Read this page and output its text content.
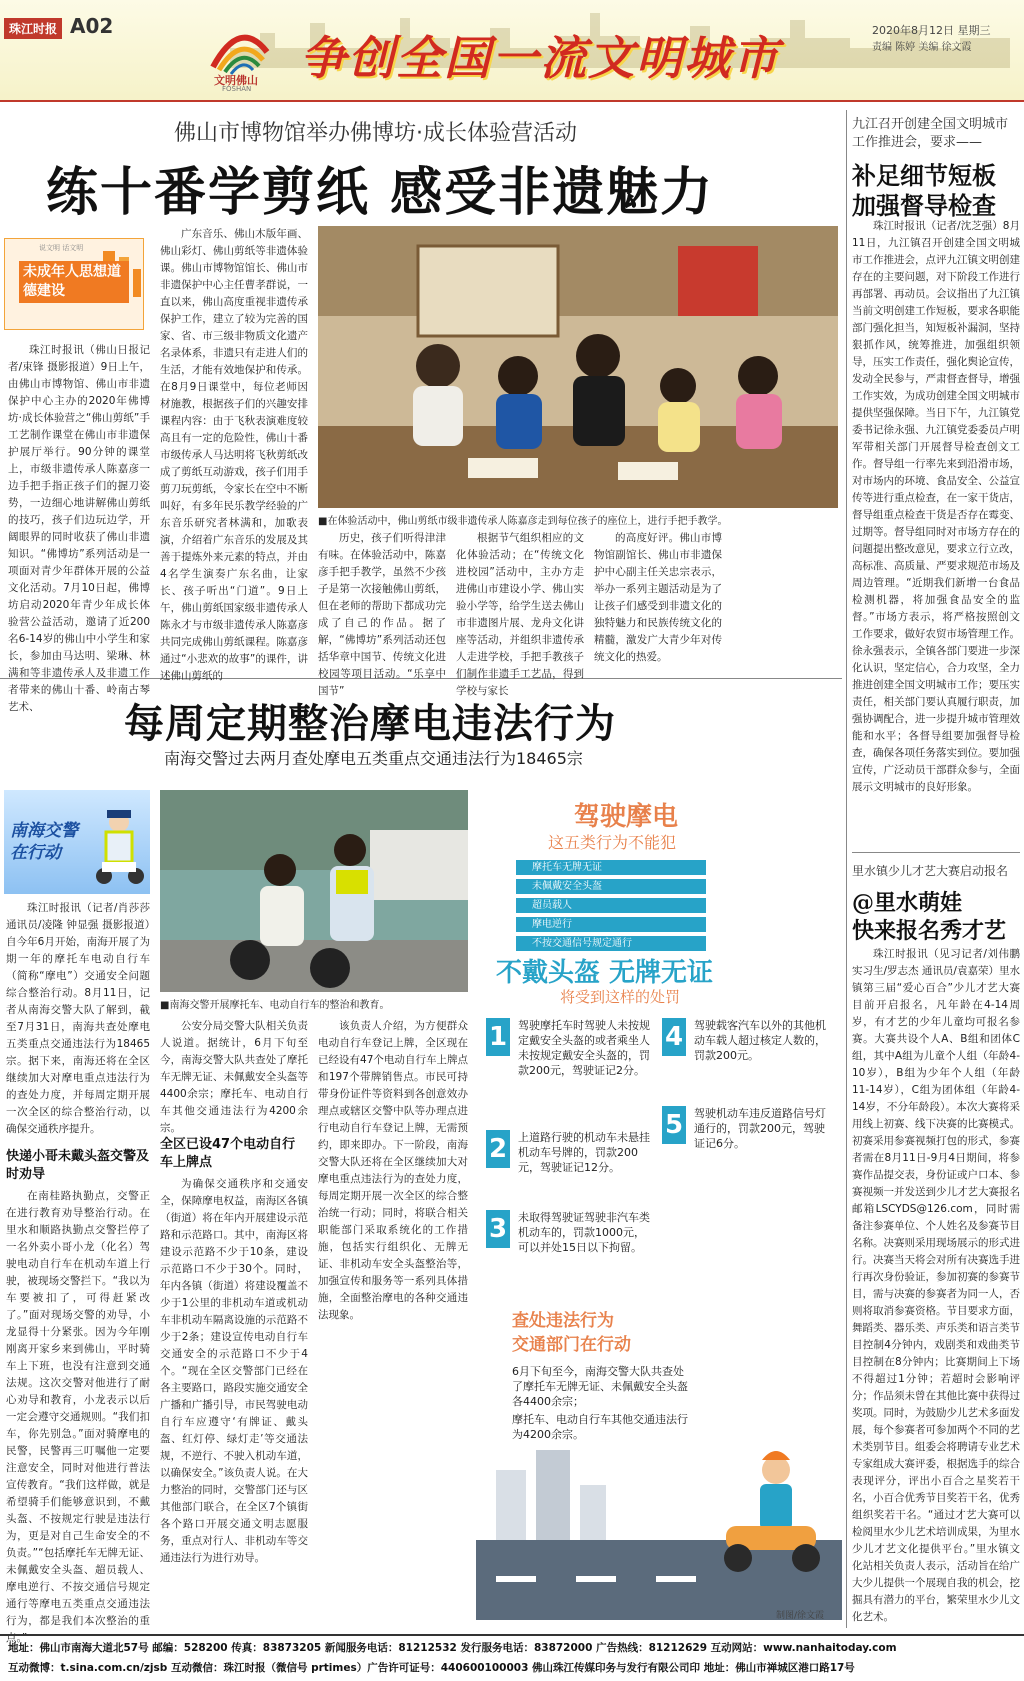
珠江时报 A02
文明佛山
FOSHAN
争创全国一流文明城市
2020年8月12日 星期三
责编 陈婷 美编 徐文霞
佛山市博物馆举办佛博坊·成长体验营活动
练十番学剪纸 感受非遗魅力
说文明 话文明
未成年人思想道德建设

珠江时报讯（佛山日报记者/束锋 摄影报道）9日上午，由佛山市博物馆、佛山市非遗保护中心主办的2020年佛博坊·成长体验营之“佛山剪纸”手工艺制作课堂在佛山市非遗保护展厅举行。90分钟的课堂上，市级非遗传承人陈嘉彦一边手把手指正孩子们的握刀姿势，一边细心地讲解佛山剪纸的技巧，孩子们边玩边学，开阔眼界的同时收获了佛山非遗知识。“佛博坊”系列活动是一项面对青少年群体开展的公益文化活动。7月10日起，佛博坊启动2020年青少年成长体验营公益活动，邀请了近200名6-14岁的佛山中小学生和家长，参加由马达明、梁琳、林满和等非遗传承人及非遗工作者带来的佛山十番、岭南古琴艺术、

广东音乐、佛山木版年画、佛山彩灯、佛山剪纸等非遗体验课。佛山市博物馆馆长、佛山市非遗保护中心主任曹孝群说，一直以来，佛山高度重视非遗传承保护工作，建立了较为完善的国家、省、市三级非物质文化遗产名录体系，非遗只有走进人们的生活，才能有效地保护和传承。在8月9日课堂中，每位老师因材施教，根据孩子们的兴趣安排课程内容：由于飞秋表演难度较高且有一定的危险性，佛山十番市级传承人马达明将飞秋剪纸改成了剪纸互动游戏，孩子们用手剪刀玩剪纸，令家长在空中不断叫好，有多年民乐教学经验的广东音乐研究者林满和，加歌表演，介绍着广东音乐的发展及其善于提炼外来元素的特点，并由4名学生演奏广东名曲，让家长、孩子听出“门道”。9日上午，佛山剪纸国家级非遗传承人陈永才与市级非遗传承人陈嘉彦共同完成佛山剪纸课程。陈嘉彦通过“小悲欢的故事”的课件，讲述佛山剪纸的

■在体验活动中，佛山剪纸市级非遗传承人陈嘉彦走到每位孩子的座位上，进行手把手教学。

历史，孩子们听得津津有味。在体验活动中，陈嘉彦手把手教学，虽然不少孩子是第一次接触佛山剪纸，但在老师的帮助下都成功完成了自己的作品。据了解，“佛博坊”系列活动还包括华章中国节、传统文化进校园等项目活动。“乐享中国节”

根据节气组织相应的文化体验活动；在“传统文化进校园”活动中，主办方走进佛山市建设小学、佛山实验小学等，给学生送去佛山市非遗图片展、龙舟文化讲座等活动，并组织非遗传承人走进学校，手把手教孩子们制作非遗手工艺品，得到学校与家长

的高度好评。佛山市博物馆副馆长、佛山市非遗保护中心副主任关忠宗表示，举办一系列主题活动是为了让孩子们感受到非遗文化的独特魅力和民族传统文化的精髓，激发广大青少年对传统文化的热爱。

九江召开创建全国文明城市工作推进会，要求——
补足细节短板
加强督导检查

珠江时报讯（记者/沈芝强）8月11日，九江镇召开创建全国文明城市工作推进会，点评九江镇文明创建存在的主要问题，对下阶段工作进行再部署、再动员。会议指出了九江镇当前文明创建工作短板，要求各职能部门强化担当，知短板补漏洞，坚持狠抓作风，统筹推进，加强组织领导，压实工作责任，强化舆论宣传，发动全民参与，严肃督查督导，增强工作实效，为成功创建全国文明城市提供坚强保障。当日下午，九江镇党委书记徐永强、九江镇党委委员卢明军带相关部门开展督导检查创文工作。督导组一行率先来到沿滑市场，对市场内的环境、食品安全、公益宣传等进行重点检查，在一家干货店，督导组重点检查干货是否存在霉变、过期等。督导组同时对市场方存在的问题提出整改意见，要求立行立改，高标准、高质量、严要求规范市场及周边管理。“近期我们新增一台食品检测机器，将加强食品安全的监督。”市场方表示，将严格按照创文工作要求，做好农贸市场管理工作。徐永强表示，全镇各部门要进一步深化认识，坚定信心，合力攻坚，全力推进创建全国文明城市工作；要压实责任，相关部门要认真履行职责，加强协调配合，进一步提升城市管理效能和水平；各督导组要加强督导检查，确保各项任务落实到位。要加强宣传，广泛动员干部群众参与，全面展示文明城市的良好形象。

每周定期整治摩电违法行为
南海交警过去两月查处摩电五类重点交通违法行为18465宗
南海交警在行动
■南海交警开展摩托车、电动自行车的整治和教育。

珠江时报讯（记者/肖莎莎 通讯员/凌隆 钟显强 摄影报道）自今年6月开始，南海开展了为期一年的摩托车电动自行车（简称“摩电”）交通安全问题综合整治行动。8月11日，记者从南海交警大队了解到，截至7月31日，南海共查处摩电五类重点交通违法行为18465宗。据下来，南海还将在全区继续加大对摩电重点违法行为的查处力度，并每周定期开展一次全区的综合整治行动，以确保交通秩序提升。

快递小哥未戴头盔交警及时劝导

在南桂路执勤点，交警正在进行教育劝导整治行动。在里水和顺路执勤点交警拦停了一名外卖小哥小龙（化名）驾驶电动自行车在机动车道上行驶，被现场交警拦下。“我以为车要被扣了，可得赶紧改了。”面对现场交警的劝导，小龙显得十分紧张。因为今年刚刚离开家乡来到佛山，平时骑车上下班，也没有注意到交通法规。这次交警对他进行了耐心劝导和教育，小龙表示以后一定会遵守交通规则。“我们扣车，你先别急。”面对骑摩电的民警，民警再三叮嘱他一定要注意安全，同时对他进行普法宣传教育。“我们这样做，就是希望骑手们能够意识到，不戴头盔、不按规定行驶是违法行为，更是对自己生命安全的不负责。”“包括摩托车无牌无证、未佩戴安全头盔、超员载人、摩电逆行、不按交通信号规定通行等摩电五类重点交通违法行为，都是我们本次整治的重点。”

公安分局交警大队相关负责人说道。据统计，6月下旬至今，南海交警大队共查处了摩托车无牌无证、未佩戴安全头盔等4400余宗；摩托车、电动自行车其他交通违法行为4200余宗。

全区已设47个电动自行车上牌点

为确保交通秩序和交通安全，保障摩电权益，南海区各镇（街道）将在年内开展建设示范路和示范路口。其中，南海区将建设示范路不少于10条，建设示范路口不少于30个。同时，年内各镇（街道）将建设覆盖不少于1公里的非机动车道或机动车非机动车隔离设施的示范路不少于2条；建设宣传电动自行车交通安全的示范路口不少于4个。“现在全区交警部门已经在各主要路口，路段实施交通安全广播和广播引导，市民驾驶电动自行车应遵守‘有牌证、戴头盔、红灯停、绿灯走’等交通法规，不逆行、不驶入机动车道，以确保安全。”该负责人说。在大力整治的同时，交警部门还与区其他部门联合，在全区7个镇街各个路口开展交通文明志愿服务，重点对行人、非机动车等交通违法行为进行劝导。

该负责人介绍，为方便群众电动自行车登记上牌，全区现在已经设有47个电动自行车上牌点和197个带牌销售点。市民可持带身份证件等资料到各创意效办理点或辖区交警中队等办理点进行电动自行车登记上牌，无需预约，即来即办。下一阶段，南海交警大队还将在全区继续加大对摩电重点违法行为的查处力度，每周定期开展一次全区的综合整治统一行动；同时，将联合相关职能部门采取系统化的工作措施，包括实行组织化、无牌无证、非机动车安全头盔整治等，加强宣传和服务等一系列具体措施，全面整治摩电的各种交通违法现象。

驾驶摩电
这五类行为不能犯
摩托车无牌无证
未佩戴安全头盔
超员载人
摩电逆行
不按交通信号规定通行
不戴头盔 无牌无证
将受到这样的处罚
1 驾驶摩托车时驾驶人未按规定戴安全头盔的或者乘坐人未按规定戴安全头盔的，罚款200元，驾驶证记2分。
2 上道路行驶的机动车未悬挂机动车号牌的，罚款200元，驾驶证记12分。
3 未取得驾驶证驾驶非汽车类机动车的，罚款1000元，可以并处15日以下拘留。
4 驾驶载客汽车以外的其他机动车载人超过核定人数的，罚款200元。
5 驾驶机动车违反道路信号灯通行的，罚款200元，驾驶证记6分。
查处违法行为
交通部门在行动
6月下旬至今，南海交警大队共查处了摩托车无牌无证、未佩戴安全头盔各4400余宗；
摩托车、电动自行车其他交通违法行为4200余宗。
制图/徐文霞
里水镇少儿才艺大赛启动报名
@里水萌娃
快来报名秀才艺

珠江时报讯（见习记者/刘伟鹏 实习生/罗志杰 通讯员/袁嘉荣）里水镇第三届“爱心百合”少儿才艺大赛目前开启报名，凡年龄在4-14周岁，有才艺的少年儿童均可报名参赛。大赛共设个人A、B组和团体C组，其中A组为儿童个人组（年龄4-10岁），B组为少年个人组（年龄11-14岁），C组为团体组（年龄4-14岁，不分年龄段）。本次大赛将采用线上初赛、线下决赛的比赛模式。初赛采用参赛视频打包的形式，参赛者需在8月11日-9月4日期间，将参赛作品提交表，身份证或户口本、参赛视频一并发送到少儿才艺大赛报名邮箱LSCYDS@126.com，同时需备注参赛单位、个人姓名及参赛节目名称。决赛则采用现场展示的形式进行。决赛当天将会对所有决赛选手进行再次身份验证，参加初赛的参赛节目，需与决赛的参赛者为同一人，否则将取消参赛资格。节目要求方面，舞蹈类、器乐类、声乐类和语言类节目控制4分钟内，戏剧类和戏曲类节目控制在8分钟内；比赛期间上下场不得超过1分钟；若超时会影响评分；作品须未曾在其他比赛中获得过奖项。同时，为鼓励少儿艺术多面发展，每个参赛者可参加两个不同的艺术类别节目。组委会将聘请专业艺术专家组成大赛评委，根据选手的综合表现评分，评出小百合之星奖若干名，小百合优秀节目奖若干名，优秀组织奖若干名。“通过才艺大赛可以检阅里水少儿艺术培训成果，为里水少儿才艺文化提供平台。”里水镇文化站相关负责人表示，活动旨在给广大少儿提供一个展现自我的机会，挖掘具有潜力的平台，繁荣里水少儿文化艺术。

地址：佛山市南海大道北57号 邮编：528200 传真：83873205 新闻服务电话：81212532 发行服务电话：83872000 广告热线：81212629 互动网站：www.nanhaitoday.com
互动微博：t.sina.com.cn/zjsb 互动微信：珠江时报（微信号 prtimes）广告许可证号：440600100003 佛山珠江传媒印务与发行有限公司印 地址：佛山市禅城区港口路17号
